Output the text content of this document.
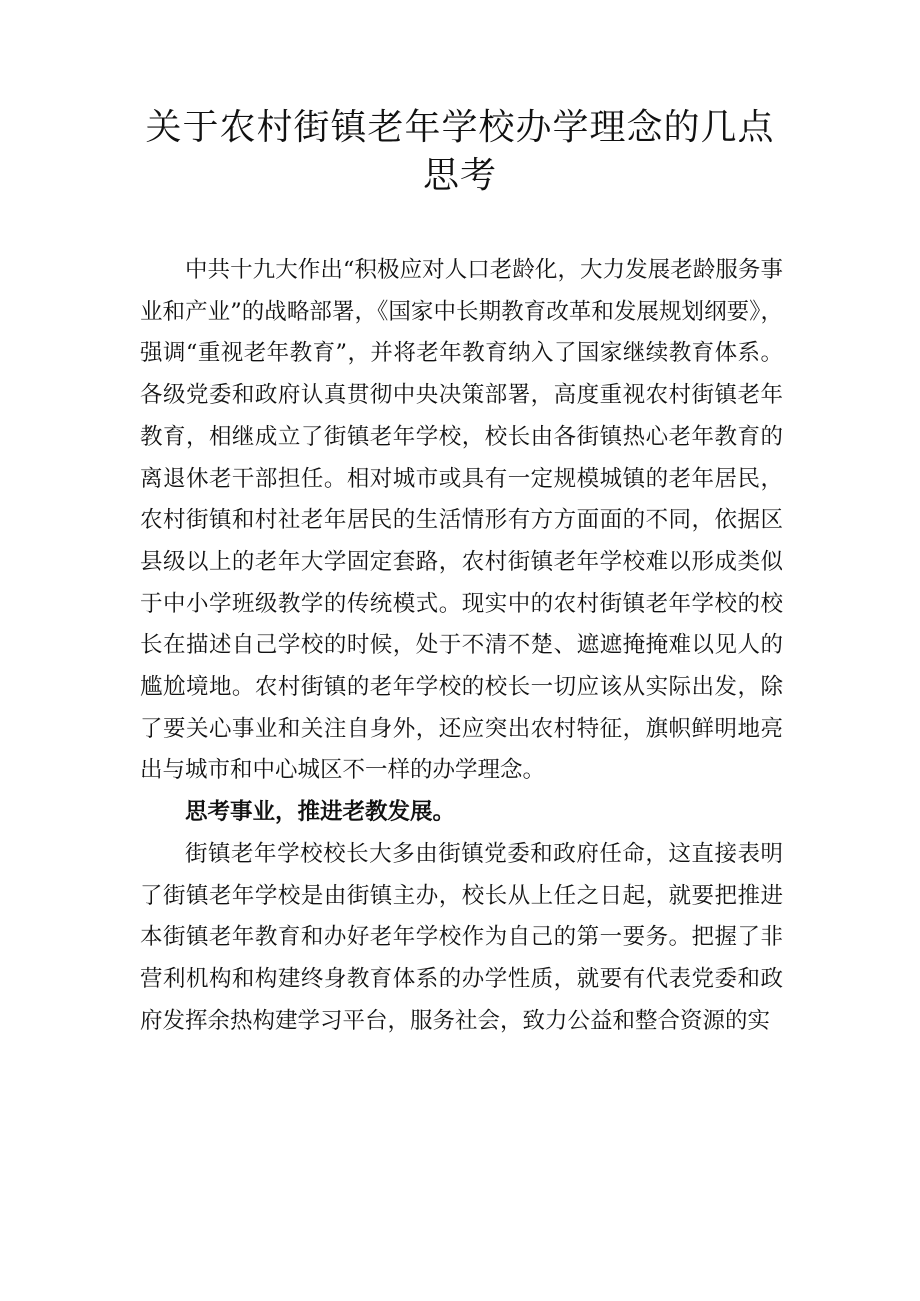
关于农村街镇老年学校办学理念的几点思考

中共十九大作出“积极应对人口老龄化，大力发展老龄服务事业和产业”的战略部署，《国家中长期教育改革和发展规划纲要》，强调“重视老年教育”，并将老年教育纳入了国家继续教育体系。各级党委和政府认真贯彻中央决策部署，高度重视农村街镇老年教育，相继成立了街镇老年学校，校长由各街镇热心老年教育的离退休老干部担任。相对城市或具有一定规模城镇的老年居民，农村街镇和村社老年居民的生活情形有方方面面的不同，依据区县级以上的老年大学固定套路，农村街镇老年学校难以形成类似于中小学班级教学的传统模式。现实中的农村街镇老年学校的校长在描述自己学校的时候，处于不清不楚、遮遮掩掩难以见人的尴尬境地。农村街镇的老年学校的校长一切应该从实际出发，除了要关心事业和关注自身外，还应突出农村特征，旗帜鲜明地亮出与城市和中心城区不一样的办学理念。

思考事业，推进老教发展。

街镇老年学校校长大多由街镇党委和政府任命，这直接表明了街镇老年学校是由街镇主办，校长从上任之日起，就要把推进本街镇老年教育和办好老年学校作为自己的第一要务。把握了非营利机构和构建终身教育体系的办学性质，就要有代表党委和政府发挥余热构建学习平台，服务社会，致力公益和整合资源的实
